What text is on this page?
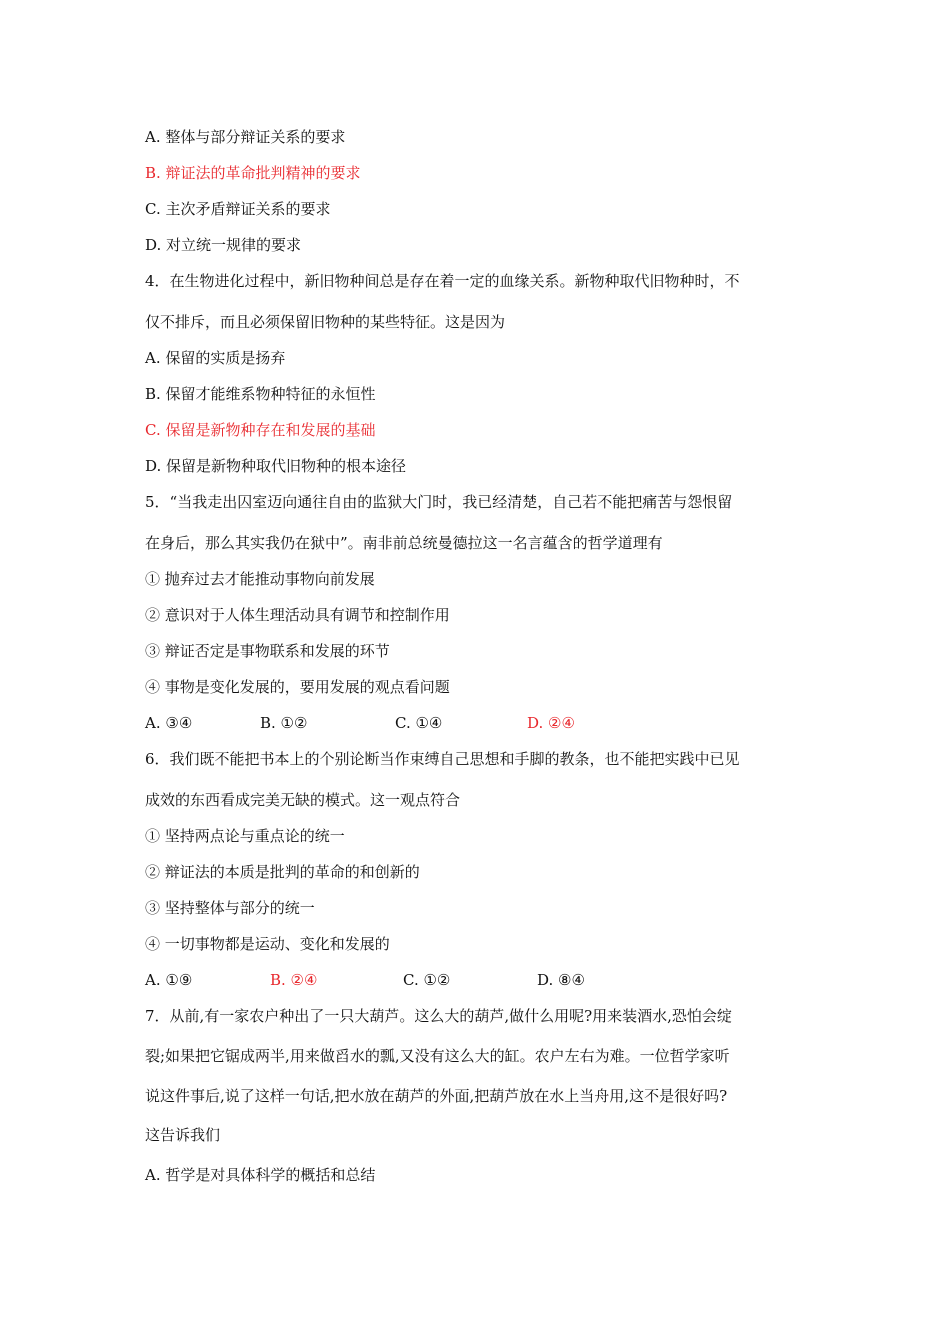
A. 整体与部分辩证关系的要求
B. 辩证法的革命批判精神的要求
C. 主次矛盾辩证关系的要求
D. 对立统一规律的要求
4．在生物进化过程中，新旧物种间总是存在着一定的血缘关系。新物种取代旧物种时，不
仅不排斥，而且必须保留旧物种的某些特征。这是因为
A. 保留的实质是扬弃
B. 保留才能维系物种特征的永恒性
C. 保留是新物种存在和发展的基础
D. 保留是新物种取代旧物种的根本途径
5．“当我走出囚室迈向通往自由的监狱大门时，我已经清楚，自己若不能把痛苦与怨恨留
在身后，那么其实我仍在狱中”。南非前总统曼德拉这一名言蕴含的哲学道理有
① 抛弃过去才能推动事物向前发展
② 意识对于人体生理活动具有调节和控制作用
③ 辩证否定是事物联系和发展的环节
④ 事物是变化发展的，要用发展的观点看问题
A. ③④	B. ①②	C. ①④	D. ②④
6．我们既不能把书本上的个别论断当作束缚自己思想和手脚的教条，也不能把实践中已见
成效的东西看成完美无缺的模式。这一观点符合
① 坚持两点论与重点论的统一
② 辩证法的本质是批判的革命的和创新的
③ 坚持整体与部分的统一
④ 一切事物都是运动、变化和发展的
A. ①⑨	B. ②④	C. ①②	D. ⑧④
7．从前,有一家农户种出了一只大葫芦。这么大的葫芦,做什么用呢?用来装酒水,恐怕会绽
裂;如果把它锯成两半,用来做舀水的瓢,又没有这么大的缸。农户左右为难。一位哲学家听
说这件事后,说了这样一句话,把水放在葫芦的外面,把葫芦放在水上当舟用,这不是很好吗?
这告诉我们
A. 哲学是对具体科学的概括和总结
